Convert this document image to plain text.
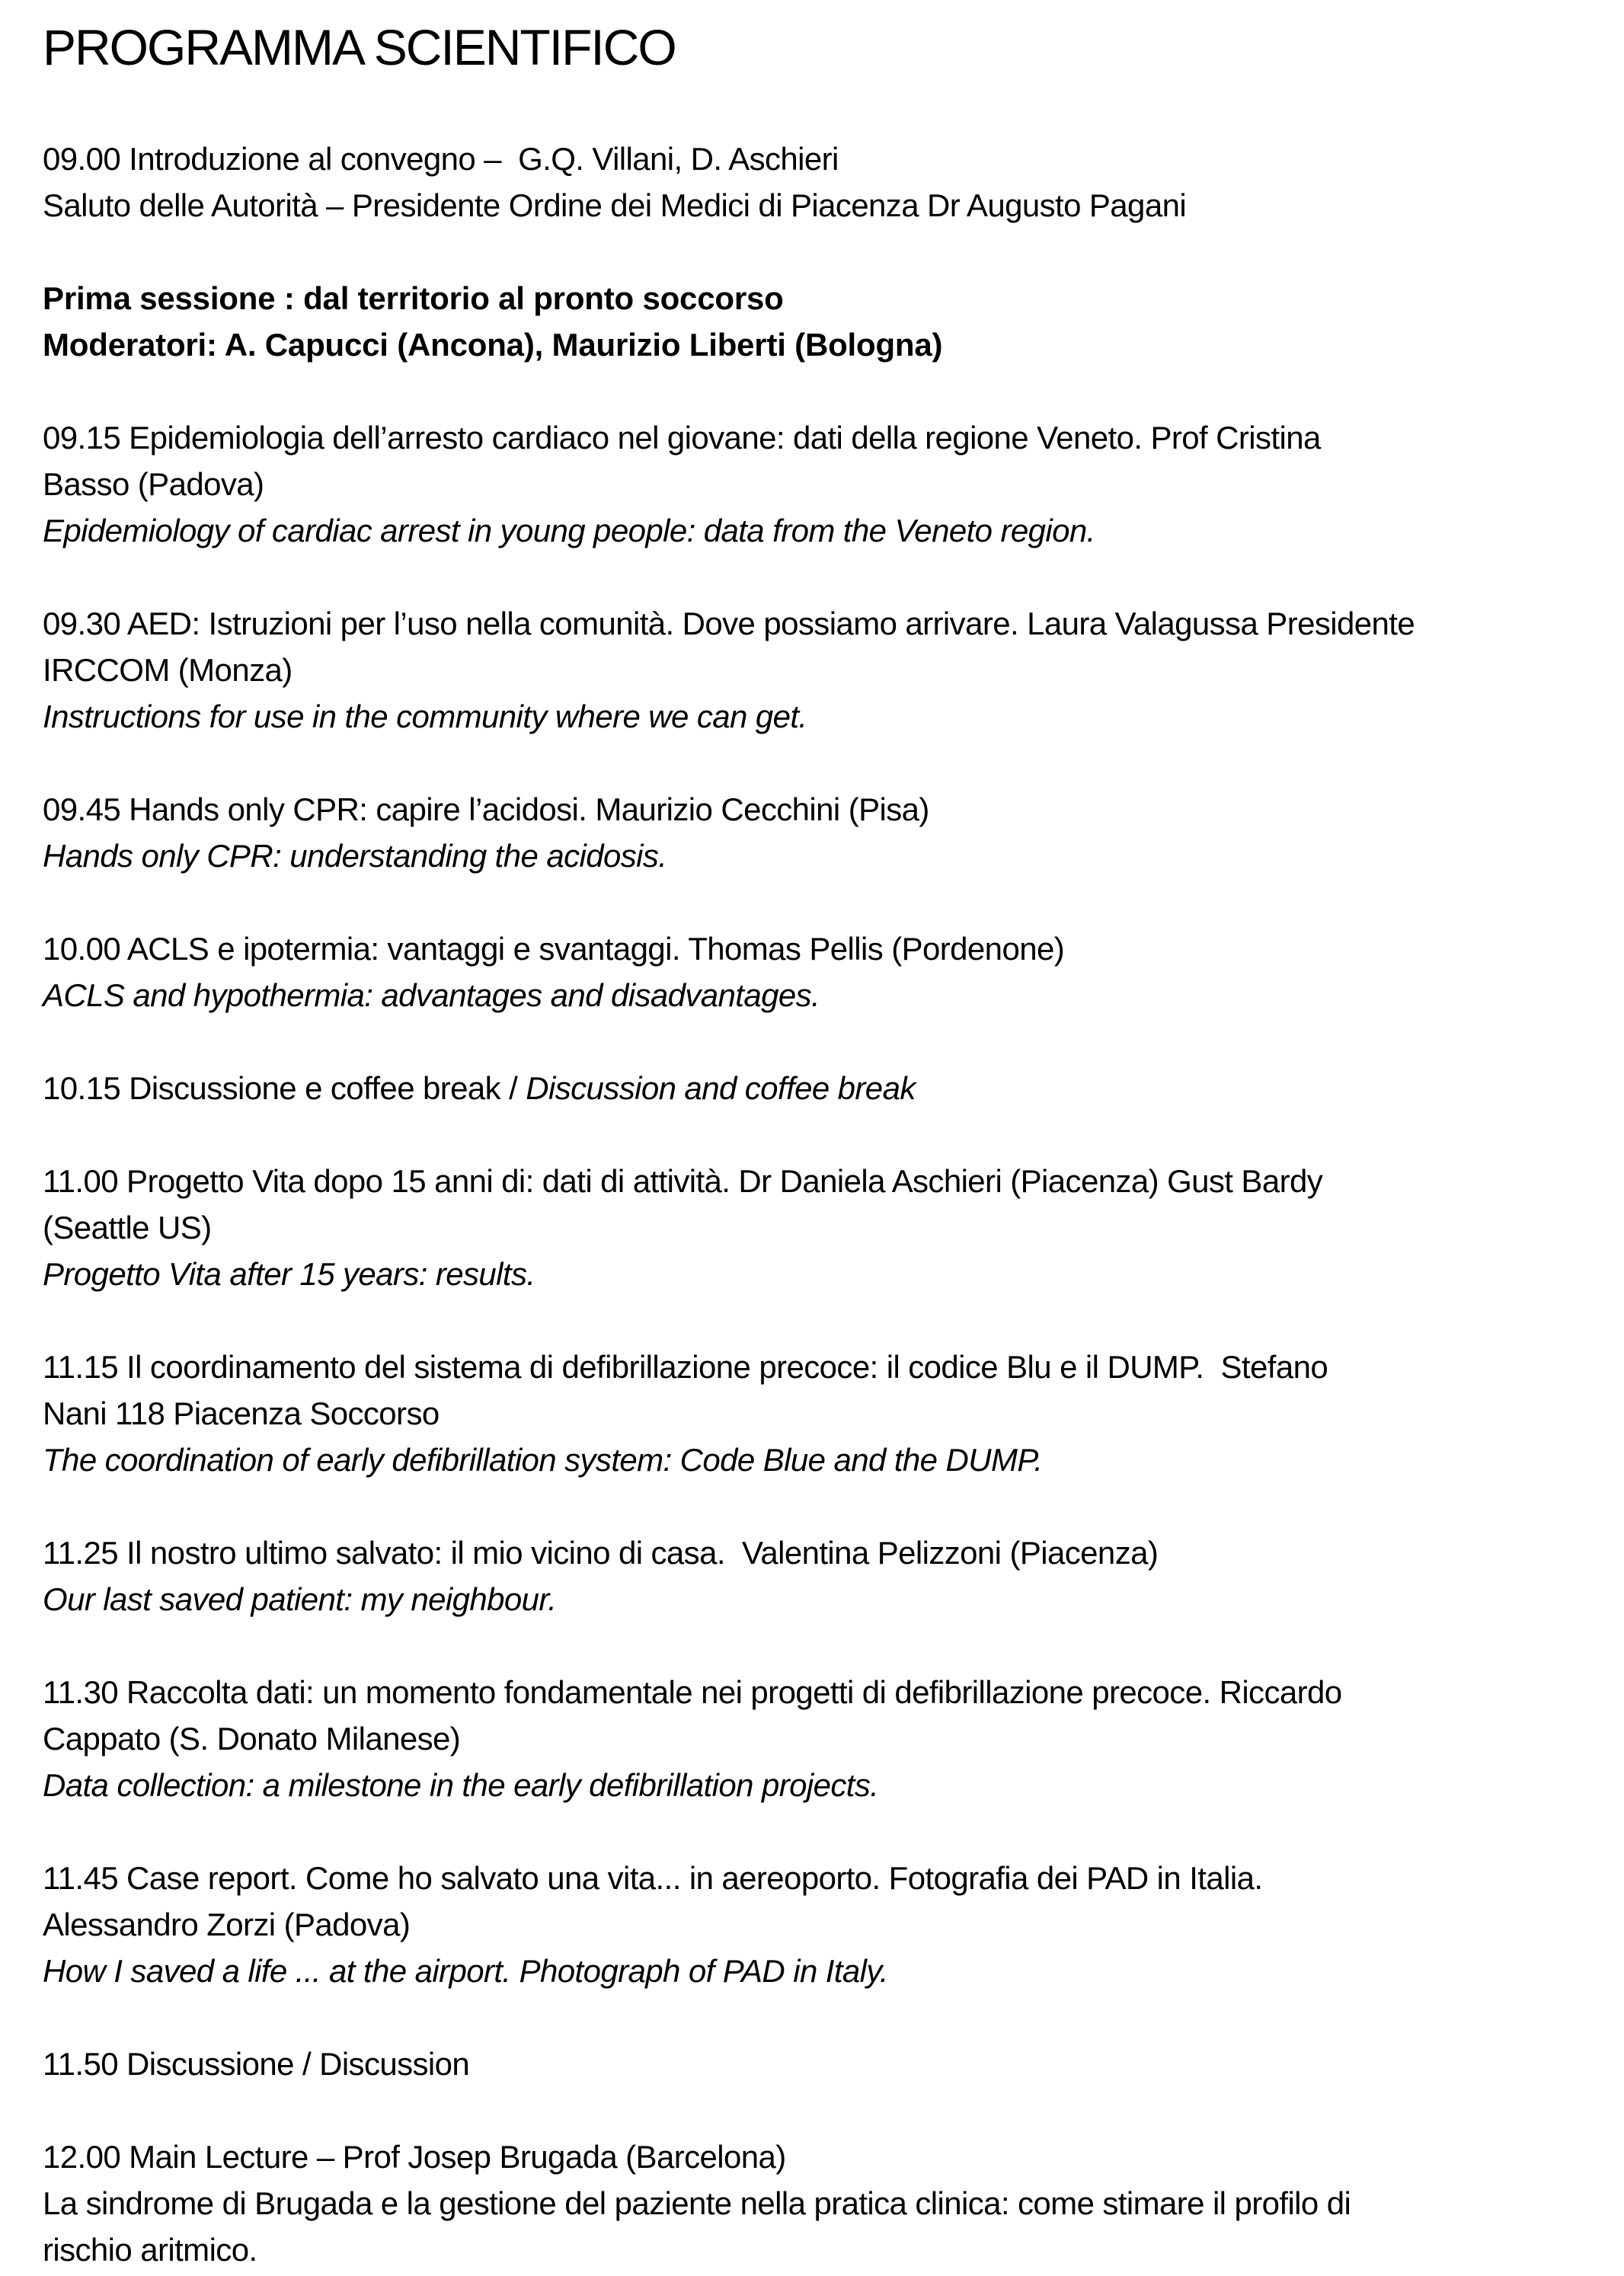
PROGRAMMA SCIENTIFICO

09.00 Introduzione al convegno –  G.Q. Villani, D. Aschieri

Saluto delle Autorità – Presidente Ordine dei Medici di Piacenza Dr Augusto Pagani

Prima sessione : dal territorio al pronto soccorso

Moderatori: A. Capucci (Ancona), Maurizio Liberti (Bologna)

09.15 Epidemiologia dell’arresto cardiaco nel giovane: dati della regione Veneto. Prof Cristina

Basso (Padova)

Epidemiology of cardiac arrest in young people: data from the Veneto region.

09.30 AED: Istruzioni per l’uso nella comunità. Dove possiamo arrivare. Laura Valagussa Presidente

IRCCOM (Monza)

Instructions for use in the community where we can get.

09.45 Hands only CPR: capire l’acidosi. Maurizio Cecchini (Pisa)

Hands only CPR: understanding the acidosis.

10.00 ACLS e ipotermia: vantaggi e svantaggi. Thomas Pellis (Pordenone)

ACLS and hypothermia: advantages and disadvantages.

10.15 Discussione e coffee break / Discussion and coffee break

11.00 Progetto Vita dopo 15 anni di: dati di attività. Dr Daniela Aschieri (Piacenza) Gust Bardy

(Seattle US)

Progetto Vita after 15 years: results.

11.15 Il coordinamento del sistema di defibrillazione precoce: il codice Blu e il DUMP.  Stefano

Nani 118 Piacenza Soccorso

The coordination of early defibrillation system: Code Blue and the DUMP.

11.25 Il nostro ultimo salvato: il mio vicino di casa.  Valentina Pelizzoni (Piacenza)

Our last saved patient: my neighbour.

11.30 Raccolta dati: un momento fondamentale nei progetti di defibrillazione precoce. Riccardo

Cappato (S. Donato Milanese)

Data collection: a milestone in the early defibrillation projects.

11.45 Case report. Come ho salvato una vita... in aereoporto. Fotografia dei PAD in Italia.

Alessandro Zorzi (Padova)

How I saved a life ... at the airport. Photograph of PAD in Italy.

11.50 Discussione / Discussion

12.00 Main Lecture – Prof Josep Brugada (Barcelona)

La sindrome di Brugada e la gestione del paziente nella pratica clinica: come stimare il profilo di

rischio aritmico.
